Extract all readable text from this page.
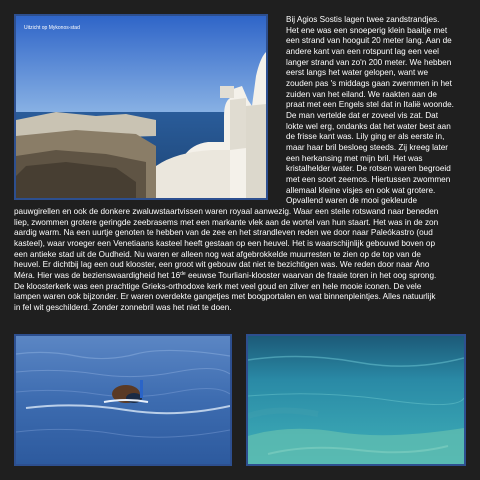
Uitzicht op Mykonos-stad
Bij Agios Sostis lagen twee zandstrandjes.
Het ene was een snoeperig klein baaitje met
een strand van hooguit 20 meter lang. Aan de
andere kant van een rotspunt lag een veel
langer strand van zo'n 200 meter. We hebben
eerst langs het water gelopen, want we
zouden pas 's middags gaan zwemmen in het
zuiden van het eiland. We raakten aan de
praat met een Engels stel dat in Italië woonde.
De man vertelde dat er zoveel vis zat. Dat
lokte wel erg, ondanks dat het water best aan
de frisse kant was. Lily ging er als eerste in,
maar haar bril besloeg steeds. Zij kreeg later
een herkansing met mijn bril. Het was
kristalhelder water. De rotsen waren begroeid
met een soort zeemos. Hiertussen zwommen
allemaal kleine visjes en ook wat grotere.
Opvallend waren de mooi gekleurde
pauwgirellen en ook de donkere zwaluwstaartvissen waren royaal aanwezig. Waar een steile rotswand naar beneden
liep, zwommen grotere geringde zeebrasems met een markante vlek aan de wortel van hun staart. Het was in de zon
aardig warm. Na een uurtje genoten te hebben van de zee en het strandleven reden we door naar Paleókastro (oud
kasteel), waar vroeger een Venetiaans kasteel heeft gestaan op een heuvel. Het is waarschijnlijk gebouwd boven op
een antieke stad uit de Oudheid. Nu waren er alleen nog wat afgebrokkelde muurresten te zien op de top van de
heuvel. Er dichtbij lag een oud klooster, een groot wit gebouw dat niet te bezichtigen was. We reden door naar Áno
Méra. Hier was de bezienswaardigheid het 16de eeuwse Tourliani-klooster waarvan de fraaie toren in het oog sprong.
De kloosterkerk was een prachtige Grieks-orthodoxe kerk met veel goud en zilver en hele mooie iconen. De vele
lampen waren ook bijzonder. Er waren overdekte gangetjes met boogportalen en wat binnenpleintjes. Alles natuurlijk
in fel wit geschilderd. Zonder zonnebril was het niet te doen.
